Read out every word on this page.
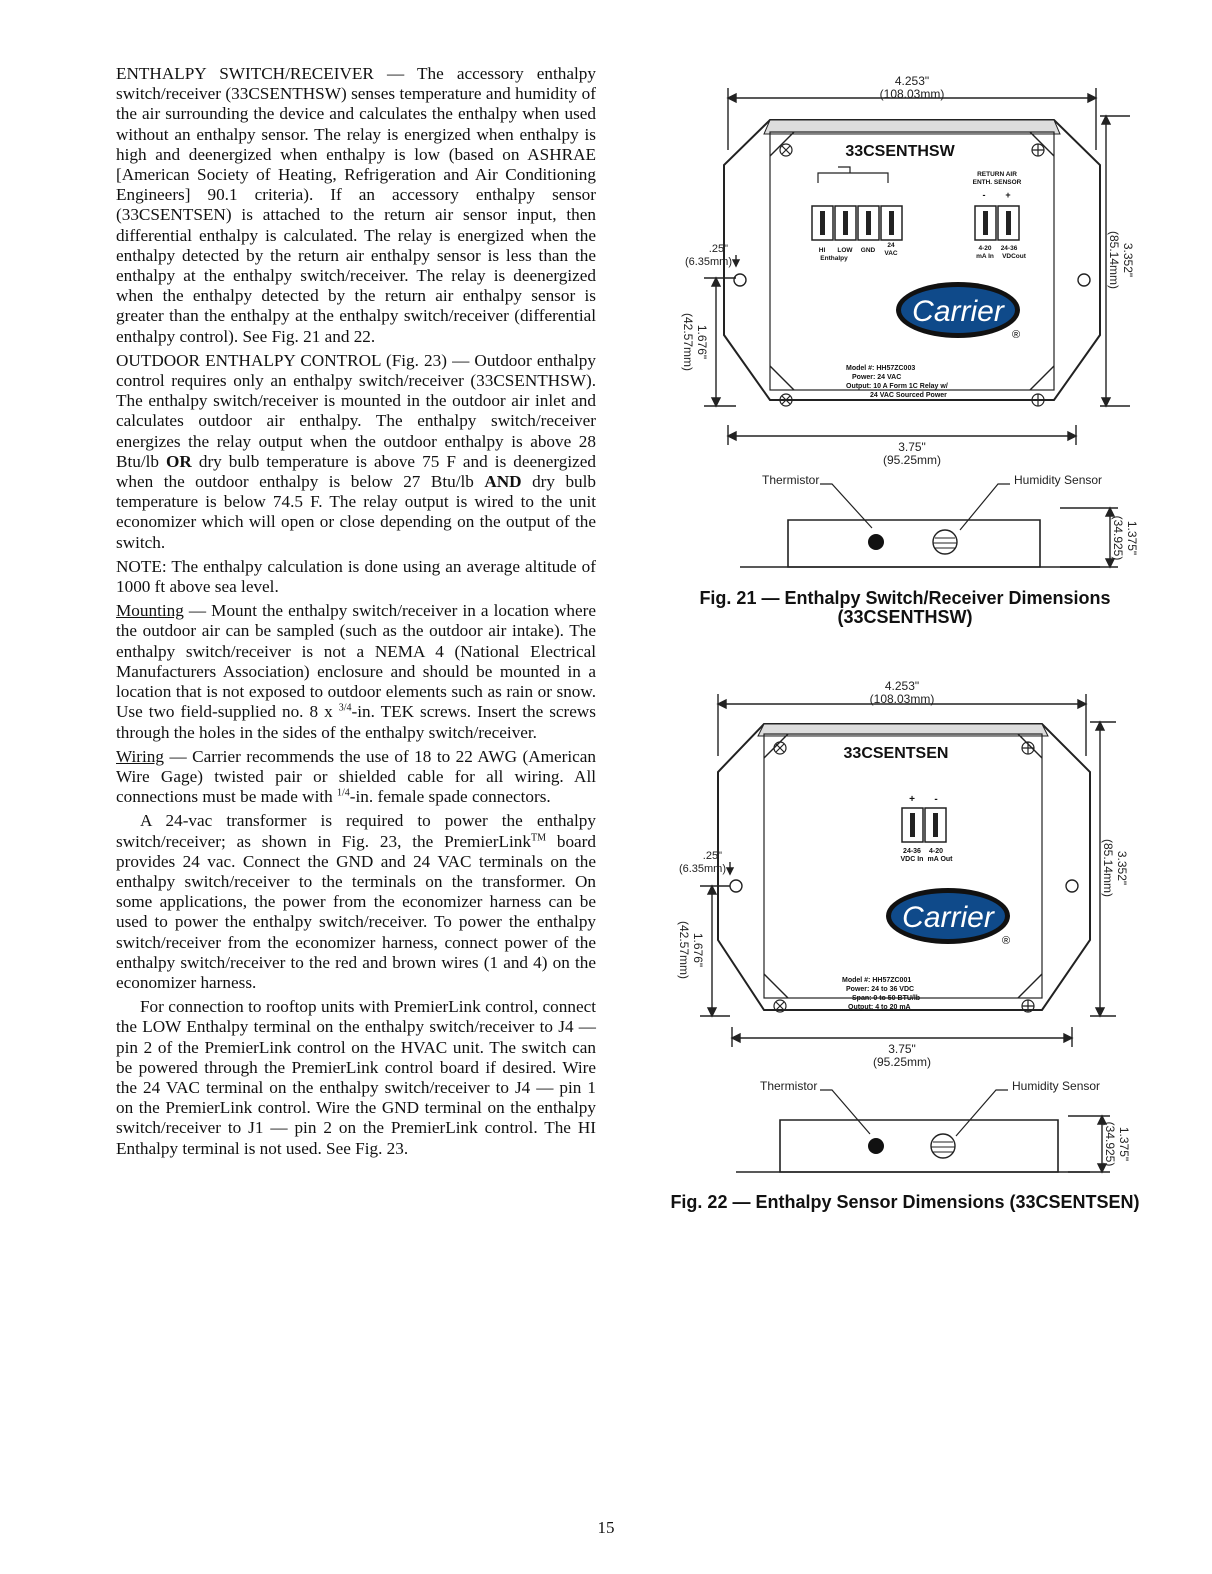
ENTHALPY SWITCH/RECEIVER — The accessory enthalpy switch/receiver (33CSENTHSW) senses temperature and humidity of the air surrounding the device and calculates the enthalpy when used without an enthalpy sensor. The relay is energized when enthalpy is high and deenergized when enthalpy is low (based on ASHRAE [American Society of Heating, Refrigeration and Air Conditioning Engineers] 90.1 criteria). If an accessory enthalpy sensor (33CSENTSEN) is attached to the return air sensor input, then differential enthalpy is calculated. The relay is energized when the enthalpy detected by the return air enthalpy sensor is less than the enthalpy at the enthalpy switch/receiver. The relay is deenergized when the enthalpy detected by the return air enthalpy sensor is greater than the enthalpy at the enthalpy switch/receiver (differential enthalpy control). See Fig. 21 and 22.

OUTDOOR ENTHALPY CONTROL (Fig. 23) — Outdoor enthalpy control requires only an enthalpy switch/receiver (33CSENTHSW). The enthalpy switch/receiver is mounted in the outdoor air inlet and calculates outdoor air enthalpy. The enthalpy switch/receiver energizes the relay output when the outdoor enthalpy is above 28 Btu/lb OR dry bulb temperature is above 75 F and is deenergized when the outdoor enthalpy is below 27 Btu/lb AND dry bulb temperature is below 74.5 F. The relay output is wired to the unit economizer which will open or close depending on the output of the switch.

NOTE: The enthalpy calculation is done using an average altitude of 1000 ft above sea level.

Mounting — Mount the enthalpy switch/receiver in a location where the outdoor air can be sampled (such as the outdoor air intake). The enthalpy switch/receiver is not a NEMA 4 (National Electrical Manufacturers Association) enclosure and should be mounted in a location that is not exposed to outdoor elements such as rain or snow. Use two field-supplied no. 8 x $^{3/4}$-in. TEK screws. Insert the screws through the holes in the sides of the enthalpy switch/receiver.

Wiring — Carrier recommends the use of 18 to 22 AWG (American Wire Gage) twisted pair or shielded cable for all wiring. All connections must be made with $^{1/4}$-in. female spade connectors.

A 24-vac transformer is required to power the enthalpy switch/receiver; as shown in Fig. 23, the PremierLink™ board provides 24 vac. Connect the GND and 24 VAC terminals on the enthalpy switch/receiver to the terminals on the transformer. On some applications, the power from the economizer harness can be used to power the enthalpy switch/receiver. To power the enthalpy switch/receiver from the economizer harness, connect power of the enthalpy switch/receiver to the red and brown wires (1 and 4) on the economizer harness.

For connection to rooftop units with PremierLink control, connect the LOW Enthalpy terminal on the enthalpy switch/receiver to J4 — pin 2 of the PremierLink control on the HVAC unit. The switch can be powered through the PremierLink control board if desired. Wire the 24 VAC terminal on the enthalpy switch/receiver to J4 — pin 1 on the PremierLink control. Wire the GND terminal on the enthalpy switch/receiver to J1 — pin 2 on the PremierLink control. The HI Enthalpy terminal is not used. See Fig. 23.

Carrier
®
4.253"
(108.03mm)
3.75"
(95.25mm)
.25"
(6.35mm)	(85.14mm) 3.352"
1.676"
(42.57mm)
Thermistor	Humidity Sensor
(34.925) 1.375"
33CSENTHSW
RETURN AIR
ENTH. SENSOR
- +
HI LOW GND
24
VAC
Enthalpy
4-20
mA In
24-36
VDCout
Model #: HH57ZC003
Power: 24 VAC
Output: 10 A Form 1C Relay w/
24 VAC Sourced Power
Fig. 21 — Enthalpy Switch/Receiver Dimensions (33CSENTHSW)
Carrier
®
4.253"
(108.03mm)
3.75"
(95.25mm)
.25"
(6.35mm)	(85.14mm) 3.352"
1.676"
(42.57mm)
Thermistor	Humidity Sensor
(34.925) 1.375"
33CSENTSEN
+ -
24-36
VDC In
4-20
mA Out
Model #: HH57ZC001
Power: 24 to 36 VDC
Span: 0 to 50 BTU/lb
Output: 4 to 20 mA
Fig. 22 — Enthalpy Sensor Dimensions (33CSENTSEN)
15
